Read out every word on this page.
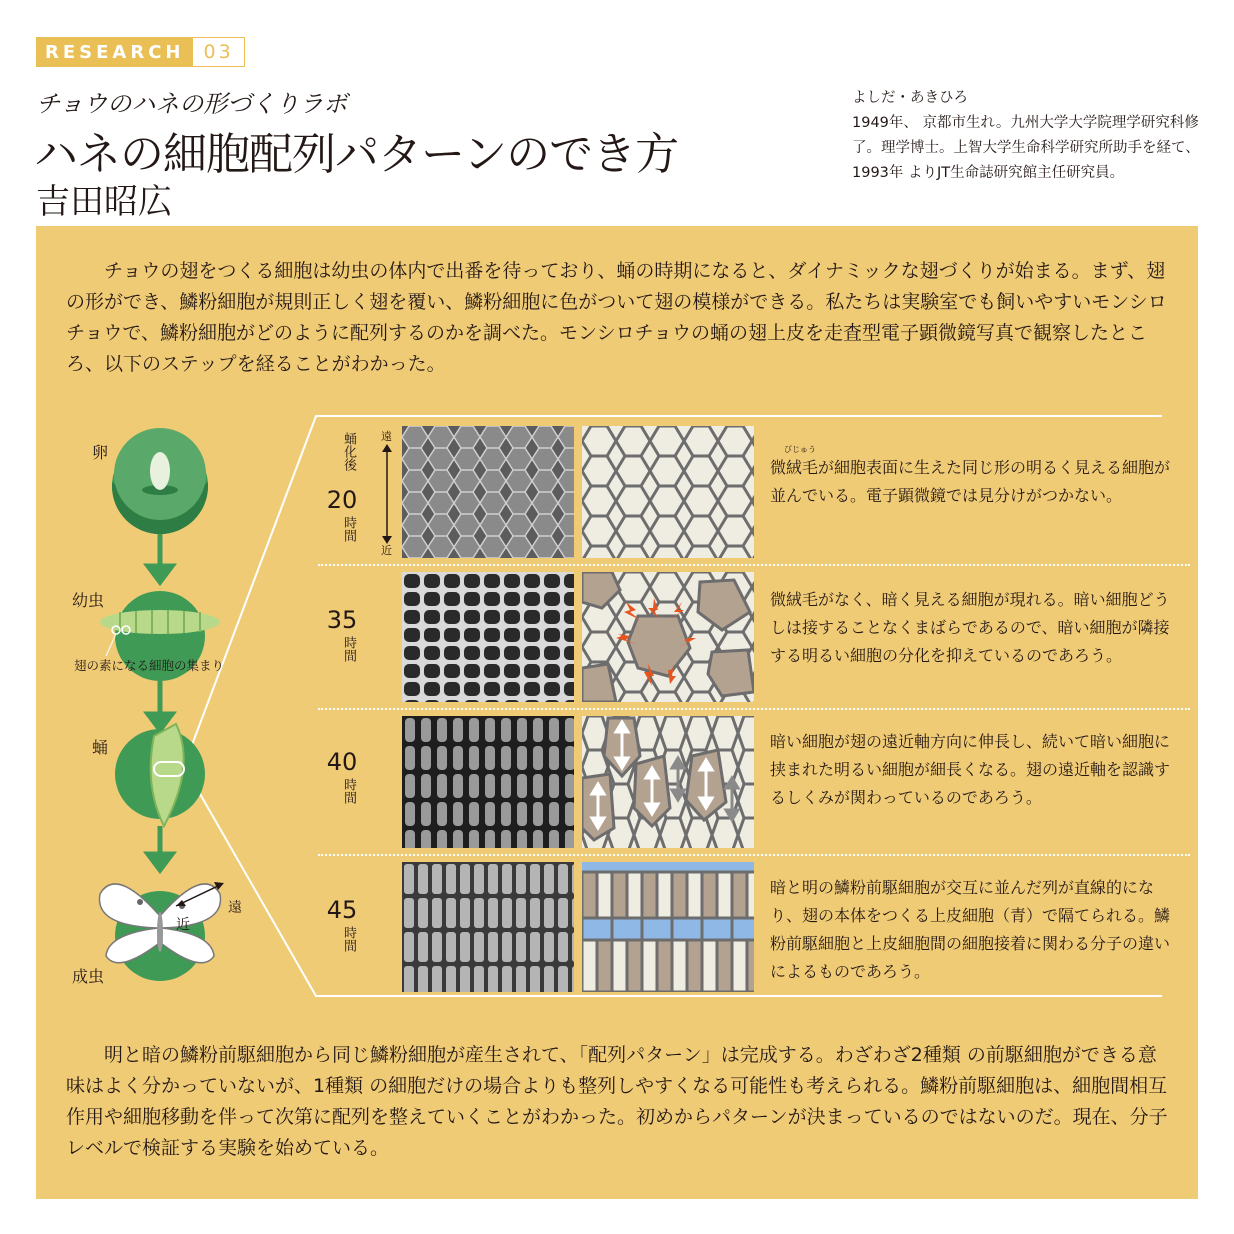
RESEARCH	03
チョウのハネの形づくりラボ
ハネの細胞配列パターンのでき方
吉田昭広
よしだ・あきひろ
1949年、 京都市生れ。九州大学大学院理学研究科修了。理学博士。上智大学生命科学研究所助手を経て、1993年 よりJT生命誌研究館主任研究員。
チョウの翅をつくる細胞は幼虫の体内で出番を待っており、蛹の時期になると、ダイナミックな翅づくりが始まる。まず、翅の形ができ、鱗粉細胞が規則正しく翅を覆い、鱗粉細胞に色がついて翅の模様ができる。私たちは実験室でも飼いやすいモンシロチョウで、鱗粉細胞がどのように配列するのかを調べた。モンシロチョウの蛹の翅上皮を走査型電子顕微鏡写真で観察したところ、以下のステップを経ることがわかった。
卵
幼虫
蛹
成虫
翅の素になる細胞の集まり
遠
近
蛹化後
20
時間
遠
近
35
時間
40
時間
45
時間
びじゅう
微絨毛が細胞表面に生えた同じ形の明るく見える細胞が並んでいる。電子顕微鏡では見分けがつかない。
微絨毛がなく、暗く見える細胞が現れる。暗い細胞どうしは接することなくまばらであるので、暗い細胞が隣接する明るい細胞の分化を抑えているのであろう。
暗い細胞が翅の遠近軸方向に伸長し、続いて暗い細胞に挟まれた明るい細胞が細長くなる。翅の遠近軸を認識するしくみが関わっているのであろう。
暗と明の鱗粉前駆細胞が交互に並んだ列が直線的になり、翅の本体をつくる上皮細胞（青）で隔てられる。鱗粉前駆細胞と上皮細胞間の細胞接着に関わる分子の違いによるものであろう。
明と暗の鱗粉前駆細胞から同じ鱗粉細胞が産生されて、「配列パターン」は完成する。わざわざ2種類 の前駆細胞ができる意味はよく分かっていないが、1種類 の細胞だけの場合よりも整列しやすくなる可能性も考えられる。鱗粉前駆細胞は、細胞間相互作用や細胞移動を伴って次第に配列を整えていくことがわかった。初めからパターンが決まっているのではないのだ。現在、分子レベルで検証する実験を始めている。
